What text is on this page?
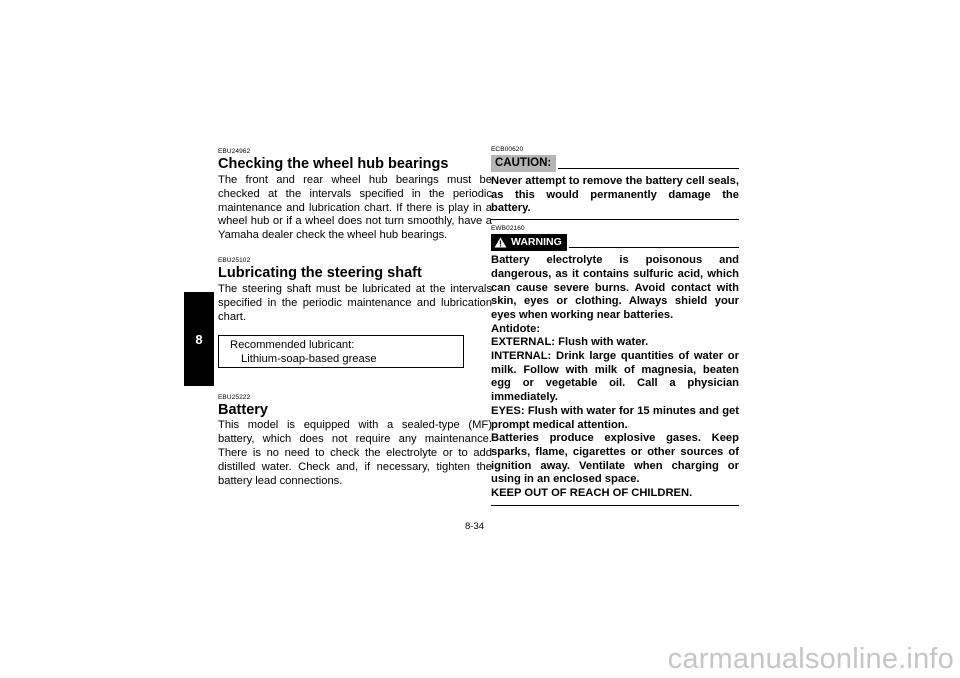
8

EBU24962

Checking the wheel hub bearings

The front and rear wheel hub bearings must be checked at the intervals specified in the periodic maintenance and lubrication chart. If there is play in a wheel hub or if a wheel does not turn smoothly, have a Yamaha dealer check the wheel hub bearings.

EBU25102

Lubricating the steering shaft

The steering shaft must be lubricated at the intervals specified in the periodic maintenance and lubrication chart.

Recommended lubricant:
Lithium-soap-based grease

EBU25222

Battery

This model is equipped with a sealed-type (MF) battery, which does not require any maintenance. There is no need to check the electrolyte or to add distilled water. Check and, if necessary, tighten the battery lead connections.

ECB00620

CAUTION:

Never attempt to remove the battery cell seals, as this would permanently damage the battery.

EWB02160

WARNING

Battery electrolyte is poisonous and dangerous, as it contains sulfuric acid, which can cause severe burns. Avoid contact with skin, eyes or clothing. Always shield your eyes when working near batteries.

Antidote:

EXTERNAL: Flush with water.

INTERNAL: Drink large quantities of water or milk. Follow with milk of magnesia, beaten egg or vegetable oil. Call a physician immediately.

EYES: Flush with water for 15 minutes and get prompt medical attention.

Batteries produce explosive gases. Keep sparks, flame, cigarettes or other sources of ignition away. Ventilate when charging or using in an enclosed space.

KEEP OUT OF REACH OF CHILDREN.

8-34
carmanualsonline.info
